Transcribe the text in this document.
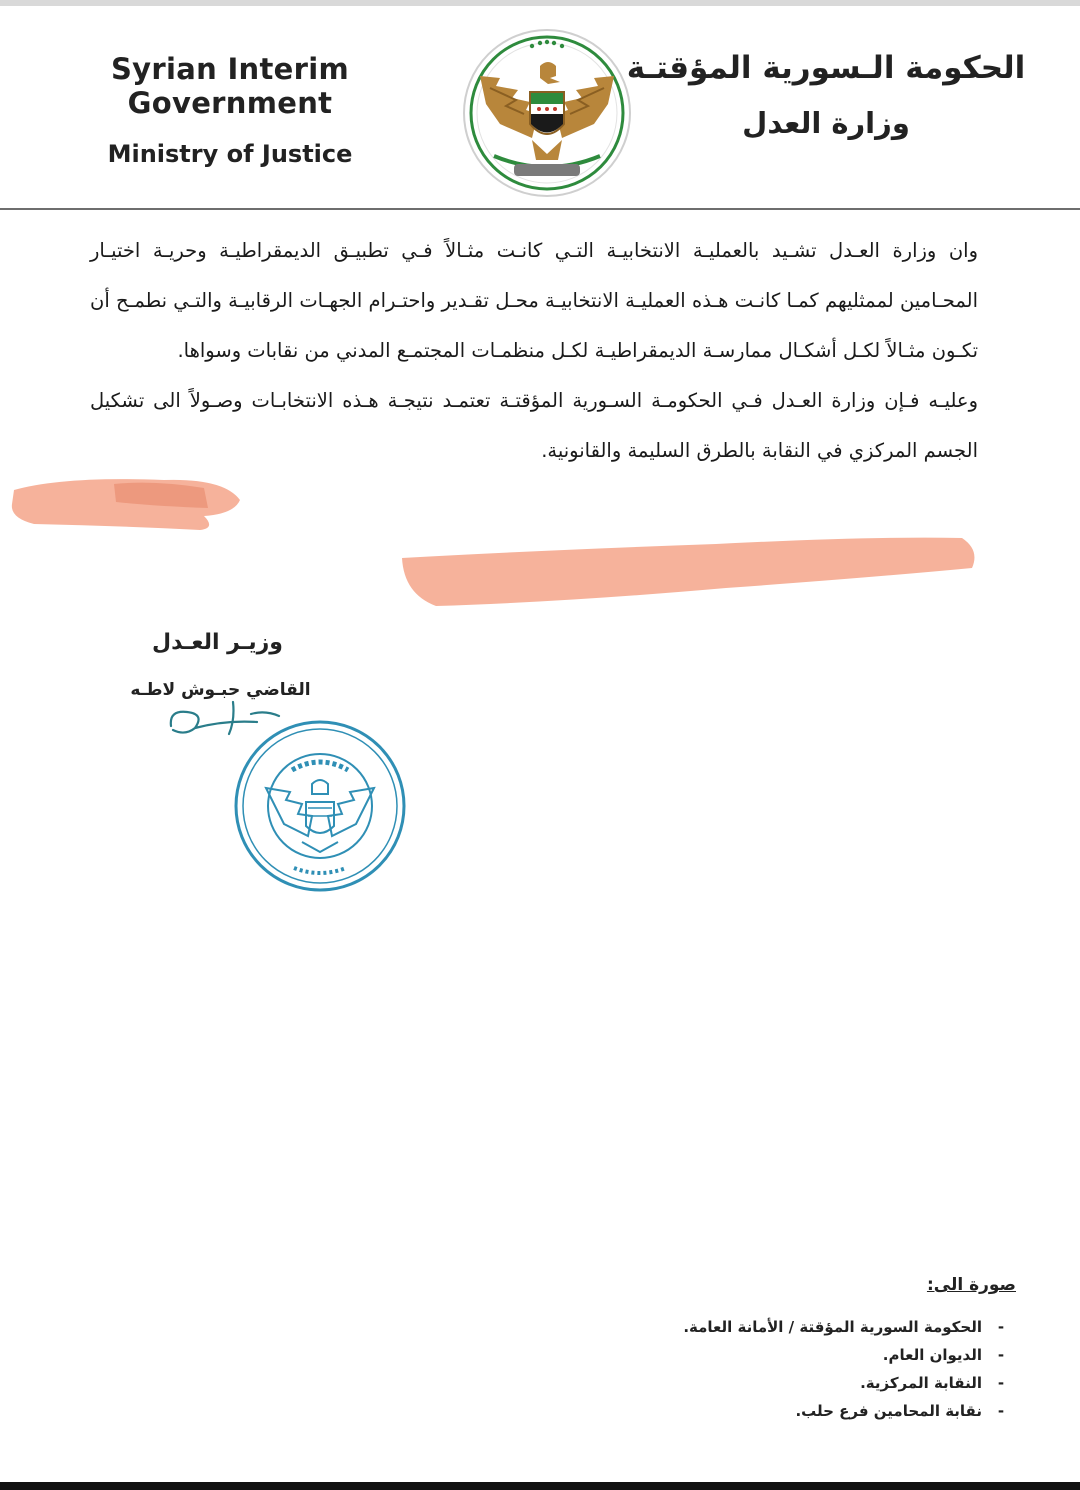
Syrian Interim Government
Ministry of Justice
الحكومة الـسورية المؤقتـة
وزارة العدل

وان وزارة العـدل تشـيد بالعمليـة الانتخابيـة التـي كانـت مثـالاً فـي تطبيـق الديمقراطيـة وحريـة اختيـار المحـامين لممثليهم كمـا كانـت هـذه العمليـة الانتخابيـة محـل تقـدير واحتـرام الجهـات الرقابيـة والتـي نطمـح أن تكـون مثـالاً لكـل أشكـال ممارسـة الديمقراطيـة لكـل منظمـات المجتمـع المدني من نقابات وسواها.

وعليـه فـإن وزارة العـدل فـي الحكومـة السـورية المؤقتـة تعتمـد نتيجـة هـذه الانتخابـات وصـولاً الى تشكيل الجسم المركزي في النقابة بالطرق السليمة والقانونية.

وزيـر العـدل
القاضي حبـوش لاطـه
صورة الى:
-
الحكومة السورية المؤقتة / الأمانة العامة.
-
الديوان العام.
-
النقابة المركزية.
-
نقابة المحامين فرع حلب.
